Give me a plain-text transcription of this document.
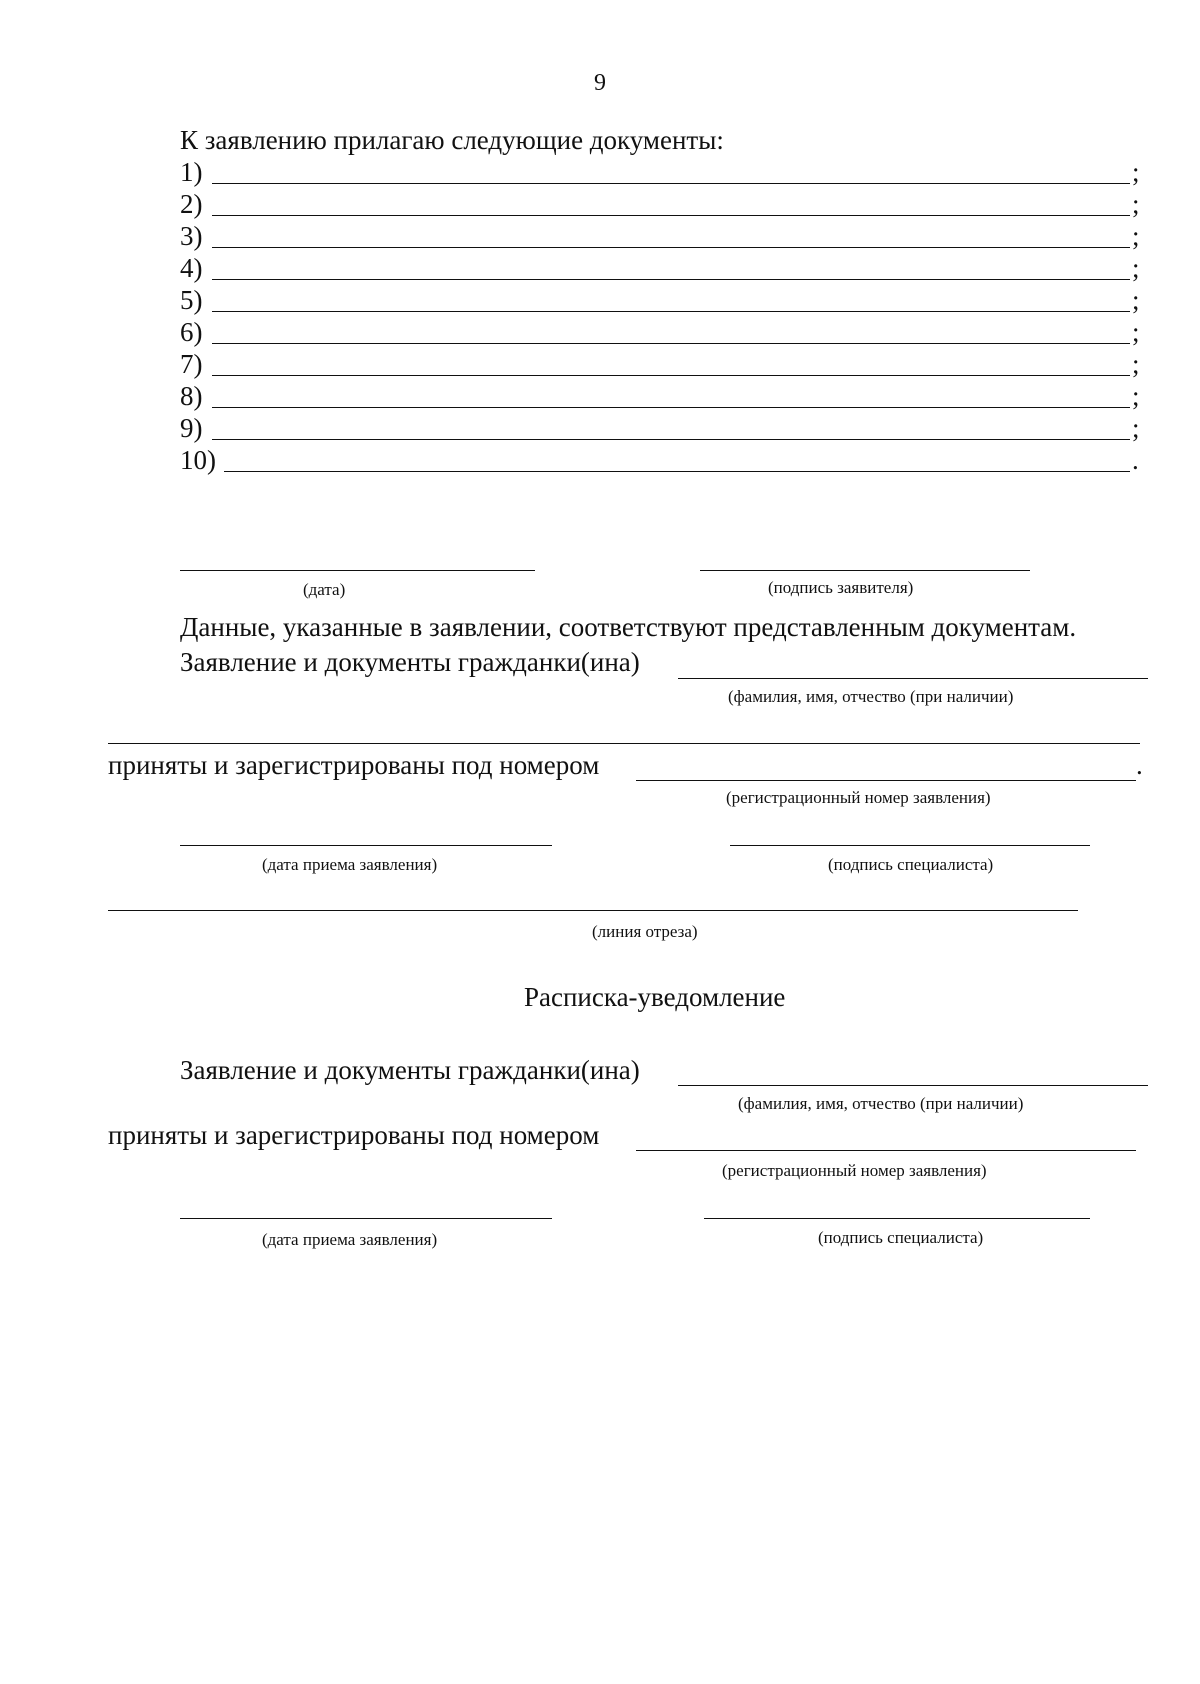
9
К заявлению прилагаю следующие документы:
1)	;
2)	;
3)	;
4)	;
5)	;
6)	;
7)	;
8)	;
9)	;
10)	.
(дата)	(подпись заявителя)
Данные, указанные в заявлении, соответствуют представленным документам.
Заявление и документы гражданки(ина)
(фамилия, имя, отчество (при наличии)
приняты и зарегистрированы под номером	.
(регистрационный номер заявления)
(дата приема заявления)	(подпись специалиста)
(линия отреза)
Расписка-уведомление
Заявление и документы гражданки(ина)
(фамилия, имя, отчество (при наличии)
приняты и зарегистрированы под номером
(регистрационный номер заявления)
(дата приема заявления)	(подпись специалиста)
